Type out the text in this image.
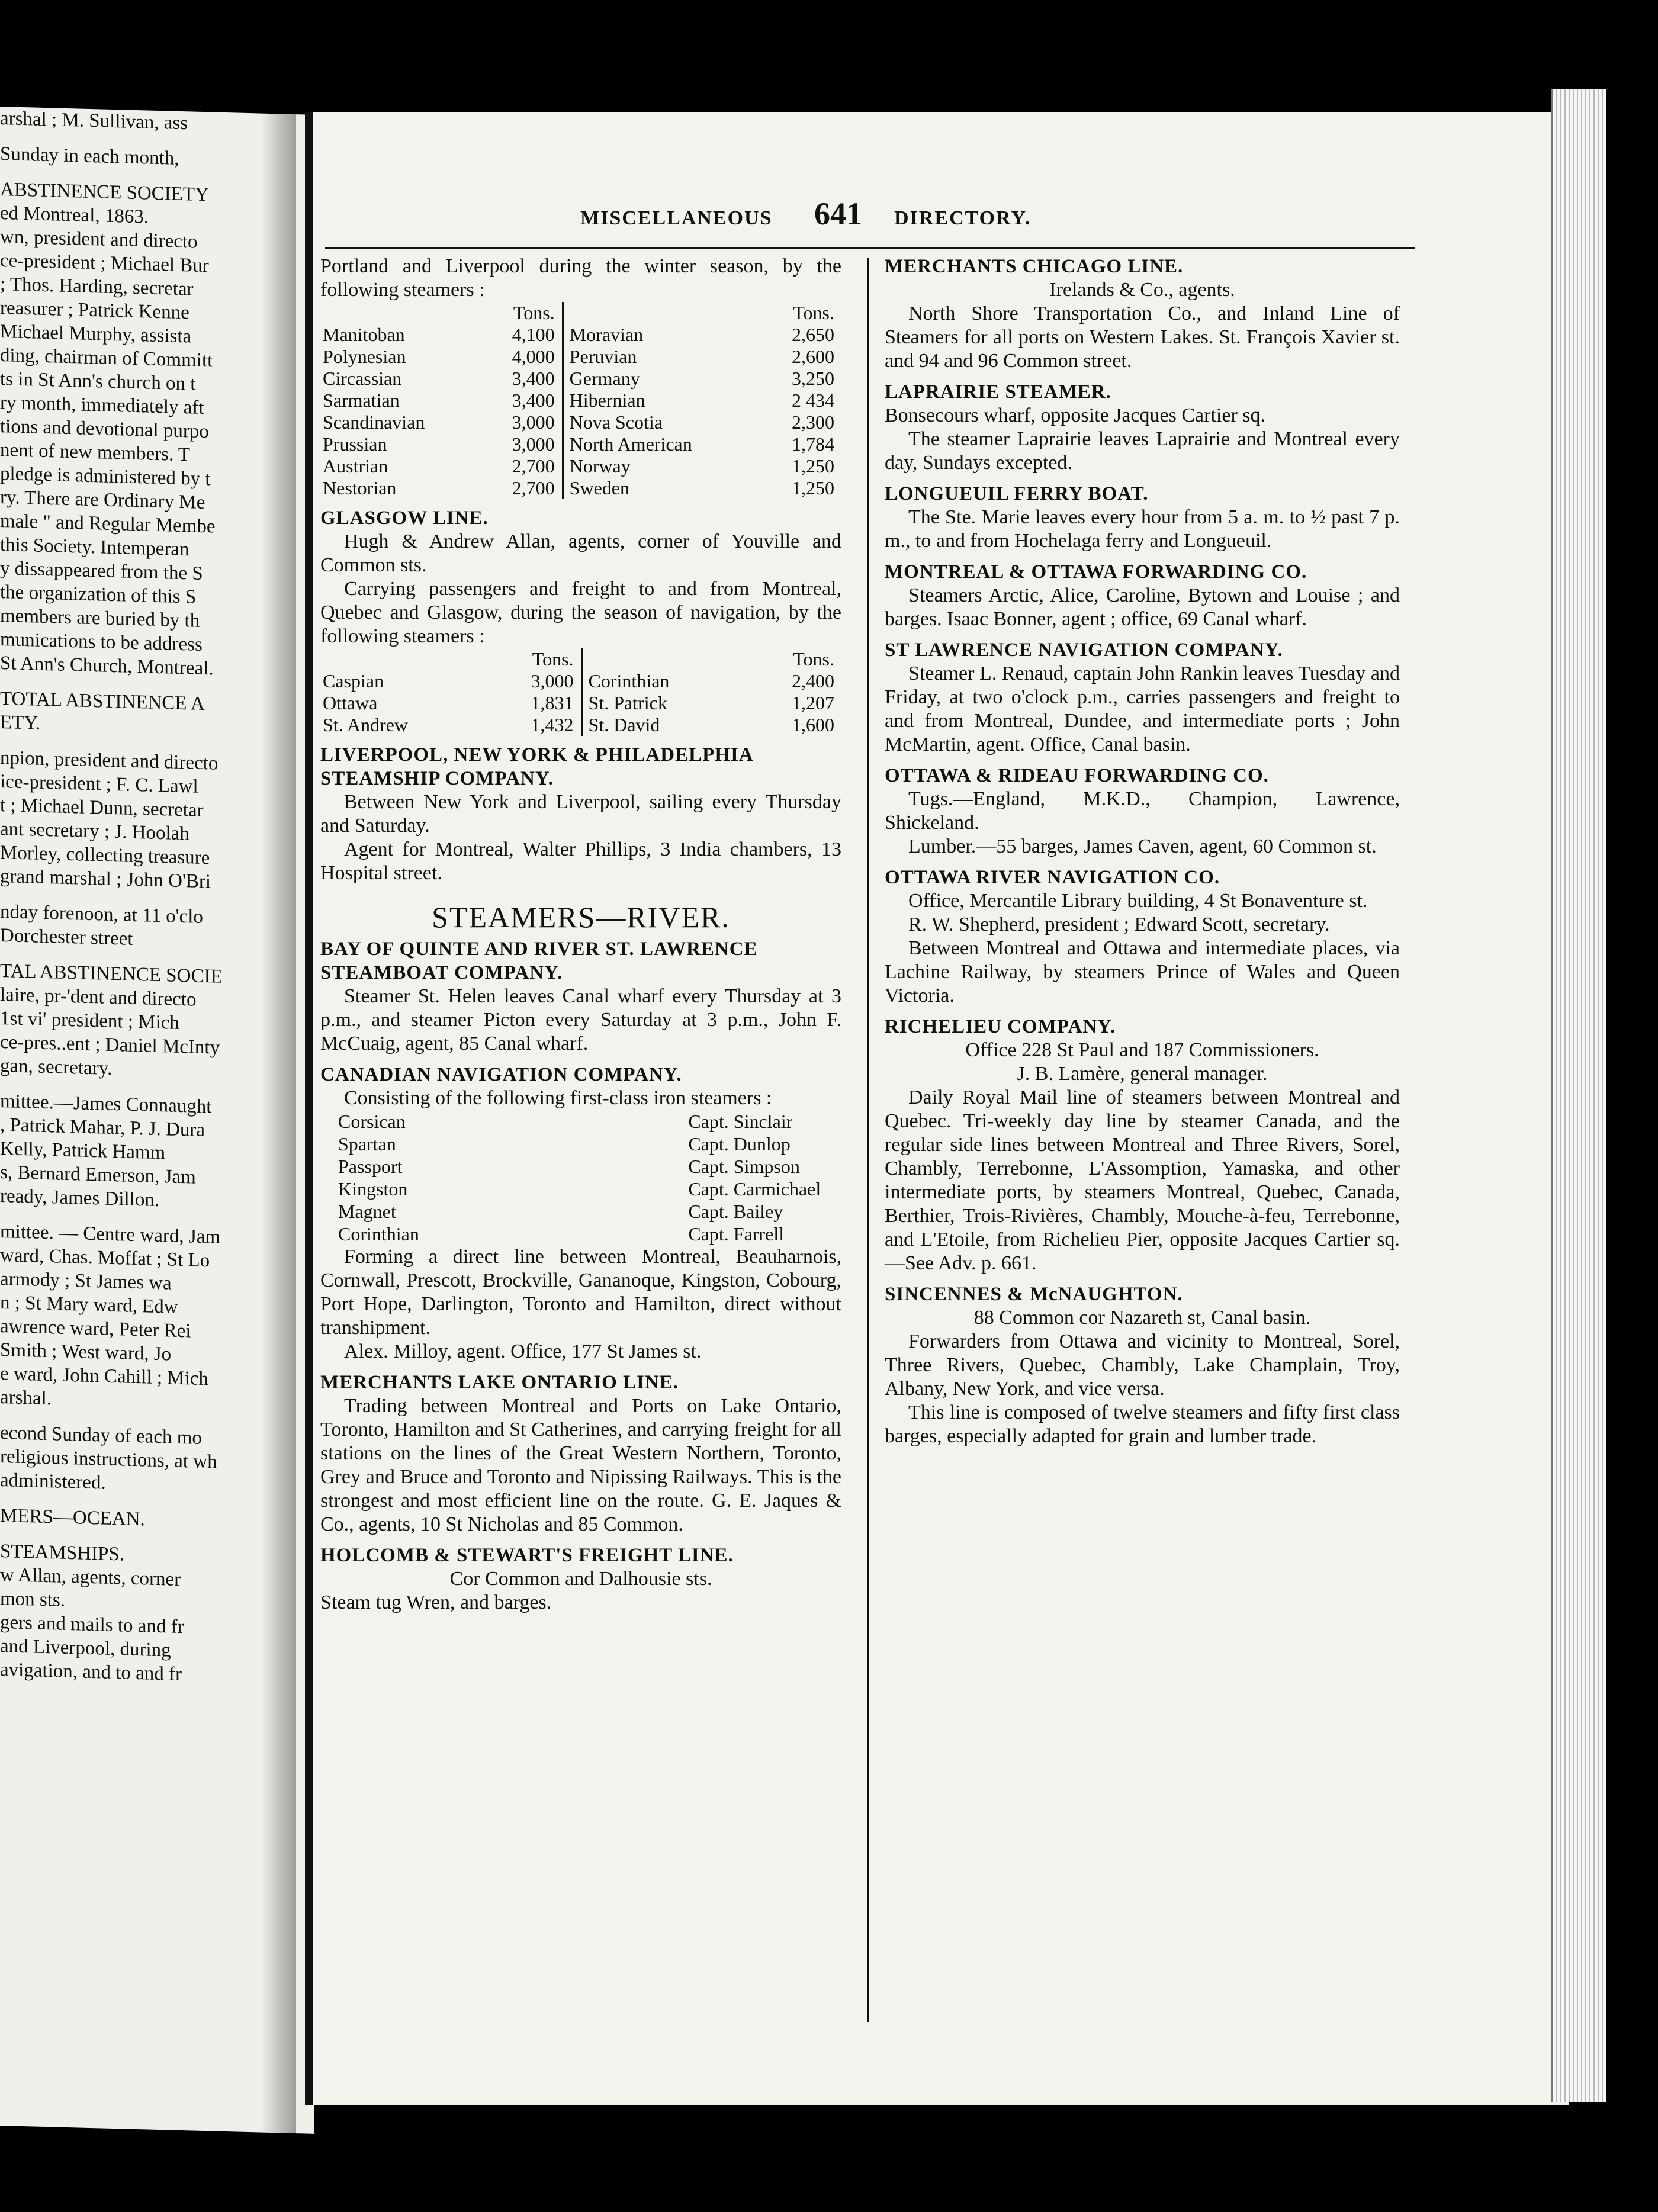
arshal ; M. Sullivan, ass
Sunday in each month,
ABSTINENCE SOCIETY
ed Montreal, 1863.
wn, president and directo
ce-president ; Michael Bur
; Thos. Harding, secretar
reasurer ; Patrick Kenne
Michael Murphy, assista
ding, chairman of Committ
ts in St Ann's church on t
ry month, immediately aft
tions and devotional purpo
nent of new members. T
pledge is administered by t
ry. There are Ordinary Me
male " and Regular Membe
this Society. Intemperan
y dissappeared from the S
the organization of this S
members are buried by th
munications to be address
St Ann's Church, Montreal.
TOTAL ABSTINENCE A
ETY.
npion, president and directo
ice-president ; F. C. Lawl
t ; Michael Dunn, secretar
ant secretary ; J. Hoolah
Morley, collecting treasure
grand marshal ; John O'Bri
nday forenoon, at 11 o'clo
Dorchester street
TAL ABSTINENCE SOCIE
laire, pr-'dent and directo
1st vi' president ; Mich
ce-pres..ent ; Daniel McInty
gan, secretary.
mittee.—James Connaught
, Patrick Mahar, P. J. Dura
Kelly, Patrick Hamm
s, Bernard Emerson, Jam
ready, James Dillon.
mittee. — Centre ward, Jam
ward, Chas. Moffat ; St Lo
armody ; St James wa
n ; St Mary ward, Edw
awrence ward, Peter Rei
Smith ; West ward, Jo
e ward, John Cahill ; Mich
arshal.
econd Sunday of each mo
religious instructions, at wh
administered.
MERS—OCEAN.
STEAMSHIPS.
w Allan, agents, corner
mon sts.
gers and mails to and fr
and Liverpool, during
avigation, and to and fr
MISCELLANEOUS 641 DIRECTORY.

Portland and Liverpool during the winter season, by the following steamers :

	Tons.		Tons.
Manitoban	4,100	Moravian	2,650
Polynesian	4,000	Peruvian	2,600
Circassian	3,400	Germany	3,250
Sarmatian	3,400	Hibernian	2 434
Scandinavian	3,000	Nova Scotia	2,300
Prussian	3,000	North American	1,784
Austrian	2,700	Norway	1,250
Nestorian	2,700	Sweden	1,250
GLASGOW LINE.

Hugh & Andrew Allan, agents, corner of Youville and Common sts.

Carrying passengers and freight to and from Montreal, Quebec and Glasgow, during the season of navigation, by the following steamers :

	Tons.		Tons.
Caspian	3,000	Corinthian	2,400
Ottawa	1,831	St. Patrick	1,207
St. Andrew	1,432	St. David	1,600
LIVERPOOL, NEW YORK & PHILADELPHIA STEAMSHIP COMPANY.

Between New York and Liverpool, sailing every Thursday and Saturday.

Agent for Montreal, Walter Phillips, 3 India chambers, 13 Hospital street.

STEAMERS—RIVER.
BAY OF QUINTE AND RIVER ST. LAWRENCE STEAMBOAT COMPANY.

Steamer St. Helen leaves Canal wharf every Thursday at 3 p.m., and steamer Picton every Saturday at 3 p.m., John F. McCuaig, agent, 85 Canal wharf.

CANADIAN NAVIGATION COMPANY.

Consisting of the following first-class iron steamers :

Corsican	Capt. Sinclair
Spartan	Capt. Dunlop
Passport	Capt. Simpson
Kingston	Capt. Carmichael
Magnet	Capt. Bailey
Corinthian	Capt. Farrell

Forming a direct line between Montreal, Beauharnois, Cornwall, Prescott, Brockville, Gananoque, Kingston, Cobourg, Port Hope, Darlington, Toronto and Hamilton, direct without transhipment.

Alex. Milloy, agent. Office, 177 St James st.

MERCHANTS LAKE ONTARIO LINE.

Trading between Montreal and Ports on Lake Ontario, Toronto, Hamilton and St Catherines, and carrying freight for all stations on the lines of the Great Western Northern, Toronto, Grey and Bruce and Toronto and Nipissing Railways. This is the strongest and most efficient line on the route. G. E. Jaques & Co., agents, 10 St Nicholas and 85 Common.

HOLCOMB & STEWART'S FREIGHT LINE.

Cor Common and Dalhousie sts.

Steam tug Wren, and barges.

MERCHANTS CHICAGO LINE.

Irelands & Co., agents.

North Shore Transportation Co., and Inland Line of Steamers for all ports on Western Lakes. St. François Xavier st. and 94 and 96 Common street.

LAPRAIRIE STEAMER.

Bonsecours wharf, opposite Jacques Cartier sq.

The steamer Laprairie leaves Laprairie and Montreal every day, Sundays excepted.

LONGUEUIL FERRY BOAT.

The Ste. Marie leaves every hour from 5 a. m. to ½ past 7 p. m., to and from Hochelaga ferry and Longueuil.

MONTREAL & OTTAWA FORWARDING CO.

Steamers Arctic, Alice, Caroline, Bytown and Louise ; and barges. Isaac Bonner, agent ; office, 69 Canal wharf.

ST LAWRENCE NAVIGATION COMPANY.

Steamer L. Renaud, captain John Rankin leaves Tuesday and Friday, at two o'clock p.m., carries passengers and freight to and from Montreal, Dundee, and intermediate ports ; John McMartin, agent. Office, Canal basin.

OTTAWA & RIDEAU FORWARDING CO.

Tugs.—England, M.K.D., Champion, Lawrence, Shickeland.

Lumber.—55 barges, James Caven, agent, 60 Common st.

OTTAWA RIVER NAVIGATION CO.

Office, Mercantile Library building, 4 St Bonaventure st.

R. W. Shepherd, president ; Edward Scott, secretary.

Between Montreal and Ottawa and intermediate places, via Lachine Railway, by steamers Prince of Wales and Queen Victoria.

RICHELIEU COMPANY.

Office 228 St Paul and 187 Commissioners.

J. B. Lamère, general manager.

Daily Royal Mail line of steamers between Montreal and Quebec. Tri-weekly day line by steamer Canada, and the regular side lines between Montreal and Three Rivers, Sorel, Chambly, Terrebonne, L'Assomption, Yamaska, and other intermediate ports, by steamers Montreal, Quebec, Canada, Berthier, Trois-Rivières, Chambly, Mouche-à-feu, Terrebonne, and L'Etoile, from Richelieu Pier, opposite Jacques Cartier sq.—See Adv. p. 661.

SINCENNES & McNAUGHTON.

88 Common cor Nazareth st, Canal basin.

Forwarders from Ottawa and vicinity to Montreal, Sorel, Three Rivers, Quebec, Chambly, Lake Champlain, Troy, Albany, New York, and vice versa.

This line is composed of twelve steamers and fifty first class barges, especially adapted for grain and lumber trade.
